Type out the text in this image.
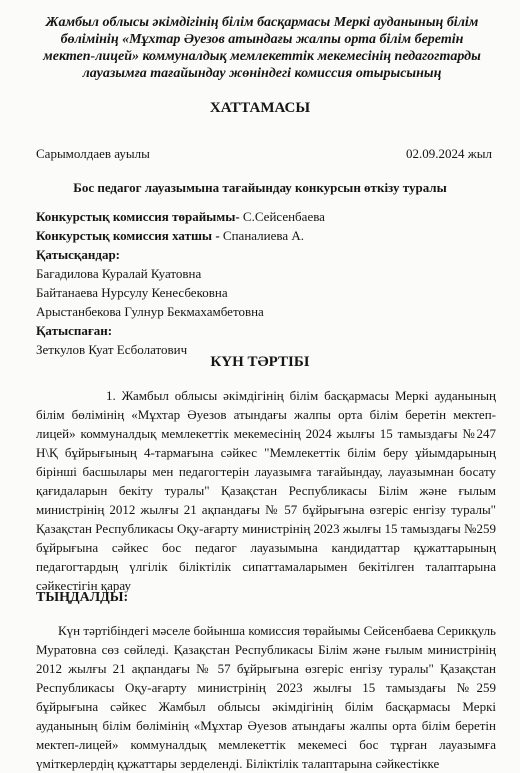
Жамбыл облысы әкімдігінің білім басқармасы Меркі ауданының білім бөлімінің «Мұхтар Әуезов атындағы жалпы орта білім беретін мектеп-лицей» коммуналдық мемлекеттік мекемесінің педагогтарды лауазымға тағайындау жөніндегі комиссия отырысының
ХАТТАМАСЫ
Сарымолдаев ауылы	02.09.2024 жыл
Бос педагог лауазымына тағайындау конкурсын өткізу туралы
Конкурстық комиссия төрайымы- С.Сейсенбаева
Конкурстық комиссия хатшы - Спаналиева А.
Қатысқандар:
Багадилова Куралай Куатовна
Байтанаева Нурсулу Кенесбековна
Арыстанбекова Гулнур Бекмахамбетовна
Қатыспаған:
Зеткулов Куат Есболатович
КҮН ТӘРТІБІ
1. Жамбыл облысы әкімдігінің білім басқармасы Меркі ауданының білім бөлімінің «Мұхтар Әуезов атындағы жалпы орта білім беретін мектеп-лицей» коммуналдық мемлекеттік мекемесінің 2024 жылғы 15 тамыздағы №247 Н\Қ бұйрығының 4-тармағына сәйкес "Мемлекеттік білім беру ұйымдарының бірінші басшылары мен педагогтерін лауазымға тағайындау, лауазымнан босату қағидаларын бекіту туралы" Қазақстан Республикасы Білім және ғылым министрінің 2012 жылғы 21 ақпандағы № 57 бұйрығына өзгеріс енгізу туралы" Қазақстан Республикасы Оқу-ағарту министрінің 2023 жылғы 15 тамыздағы №259 бұйрығына сәйкес бос педагог лауазымына кандидаттар құжаттарының педагогтардың үлгілік біліктілік сипаттамаларымен бекітілген талаптарына сәйкестігін қарау
ТЫҢДАЛДЫ:
Күн тәртібіндегі мәселе бойынша комиссия төрайымы Сейсенбаева Серикқуль Муратовна сөз сөйледі. Қазақстан Республикасы Білім және ғылым министрінің 2012 жылғы 21 ақпандағы № 57 бұйрығына өзгеріс енгізу туралы" Қазақстан Республикасы Оқу-ағарту министрінің 2023 жылғы 15 тамыздағы №259 бұйрығына сәйкес Жамбыл облысы әкімдігінің білім басқармасы Меркі ауданының білім бөлімінің «Мұхтар Әуезов атындағы жалпы орта білім беретін мектеп-лицей» коммуналдық мемлекеттік мекемесі бос тұрған лауазымға үміткерлердің құжаттары зерделенді. Біліктілік талаптарына сәйкестікке
